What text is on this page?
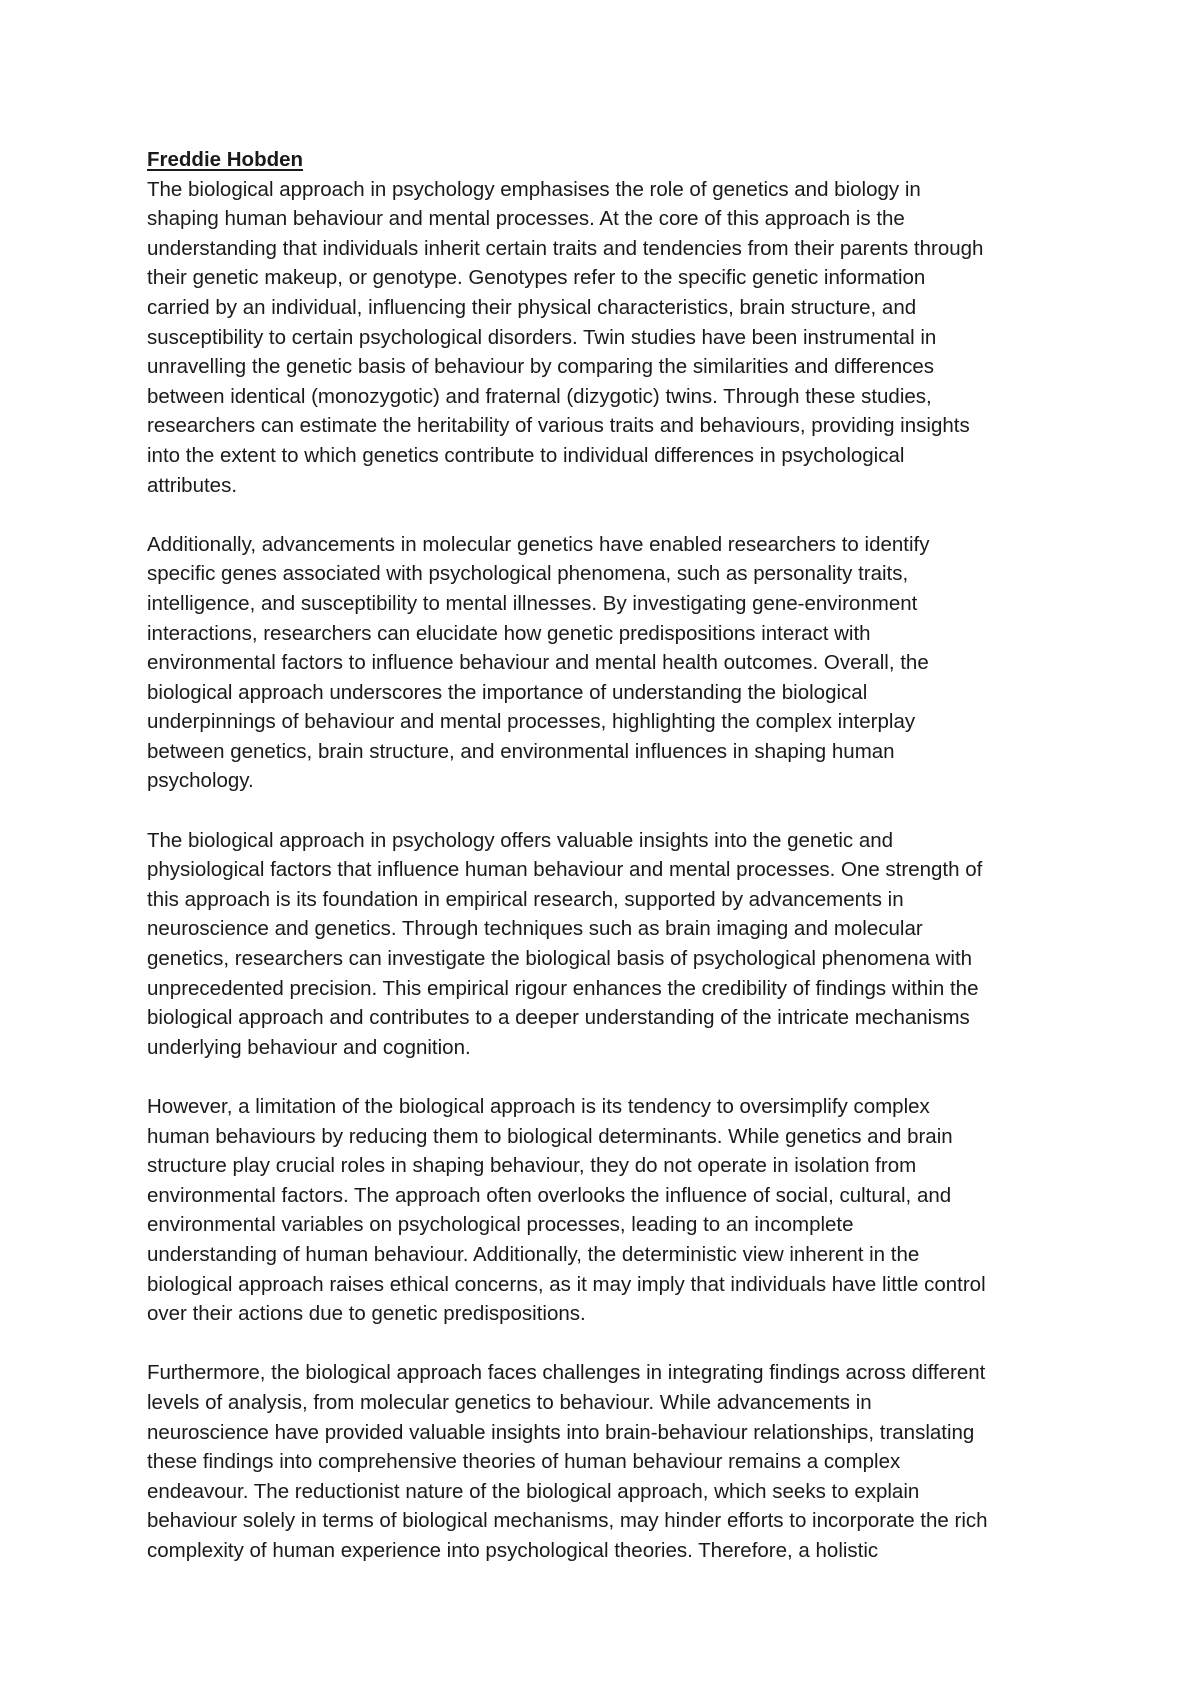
Freddie Hobden
The biological approach in psychology emphasises the role of genetics and biology in
shaping human behaviour and mental processes. At the core of this approach is the
understanding that individuals inherit certain traits and tendencies from their parents through
their genetic makeup, or genotype. Genotypes refer to the specific genetic information
carried by an individual, influencing their physical characteristics, brain structure, and
susceptibility to certain psychological disorders. Twin studies have been instrumental in
unravelling the genetic basis of behaviour by comparing the similarities and differences
between identical (monozygotic) and fraternal (dizygotic) twins. Through these studies,
researchers can estimate the heritability of various traits and behaviours, providing insights
into the extent to which genetics contribute to individual differences in psychological
attributes.
Additionally, advancements in molecular genetics have enabled researchers to identify
specific genes associated with psychological phenomena, such as personality traits,
intelligence, and susceptibility to mental illnesses. By investigating gene-environment
interactions, researchers can elucidate how genetic predispositions interact with
environmental factors to influence behaviour and mental health outcomes. Overall, the
biological approach underscores the importance of understanding the biological
underpinnings of behaviour and mental processes, highlighting the complex interplay
between genetics, brain structure, and environmental influences in shaping human
psychology.
The biological approach in psychology offers valuable insights into the genetic and
physiological factors that influence human behaviour and mental processes. One strength of
this approach is its foundation in empirical research, supported by advancements in
neuroscience and genetics. Through techniques such as brain imaging and molecular
genetics, researchers can investigate the biological basis of psychological phenomena with
unprecedented precision. This empirical rigour enhances the credibility of findings within the
biological approach and contributes to a deeper understanding of the intricate mechanisms
underlying behaviour and cognition.
However, a limitation of the biological approach is its tendency to oversimplify complex
human behaviours by reducing them to biological determinants. While genetics and brain
structure play crucial roles in shaping behaviour, they do not operate in isolation from
environmental factors. The approach often overlooks the influence of social, cultural, and
environmental variables on psychological processes, leading to an incomplete
understanding of human behaviour. Additionally, the deterministic view inherent in the
biological approach raises ethical concerns, as it may imply that individuals have little control
over their actions due to genetic predispositions.
Furthermore, the biological approach faces challenges in integrating findings across different
levels of analysis, from molecular genetics to behaviour. While advancements in
neuroscience have provided valuable insights into brain-behaviour relationships, translating
these findings into comprehensive theories of human behaviour remains a complex
endeavour. The reductionist nature of the biological approach, which seeks to explain
behaviour solely in terms of biological mechanisms, may hinder efforts to incorporate the rich
complexity of human experience into psychological theories. Therefore, a holistic
